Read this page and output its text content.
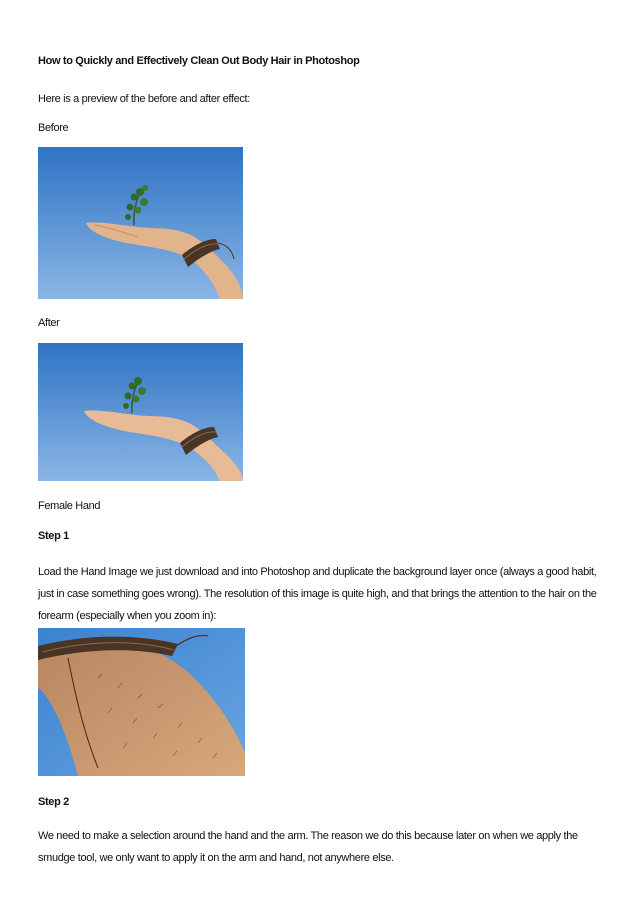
How to Quickly and Effectively Clean Out Body Hair in Photoshop
Here is a preview of the before and after effect:
Before
After
Female Hand
Step 1
Load the Hand Image we just download and into Photoshop and duplicate the background layer once (always a good habit, just in case something goes wrong). The resolution of this image is quite high, and that brings the attention to the hair on the forearm (especially when you zoom in):
Step 2
We need to make a selection around the hand and the arm. The reason we do this because later on when we apply the smudge tool, we only want to apply it on the arm and hand, not anywhere else.
